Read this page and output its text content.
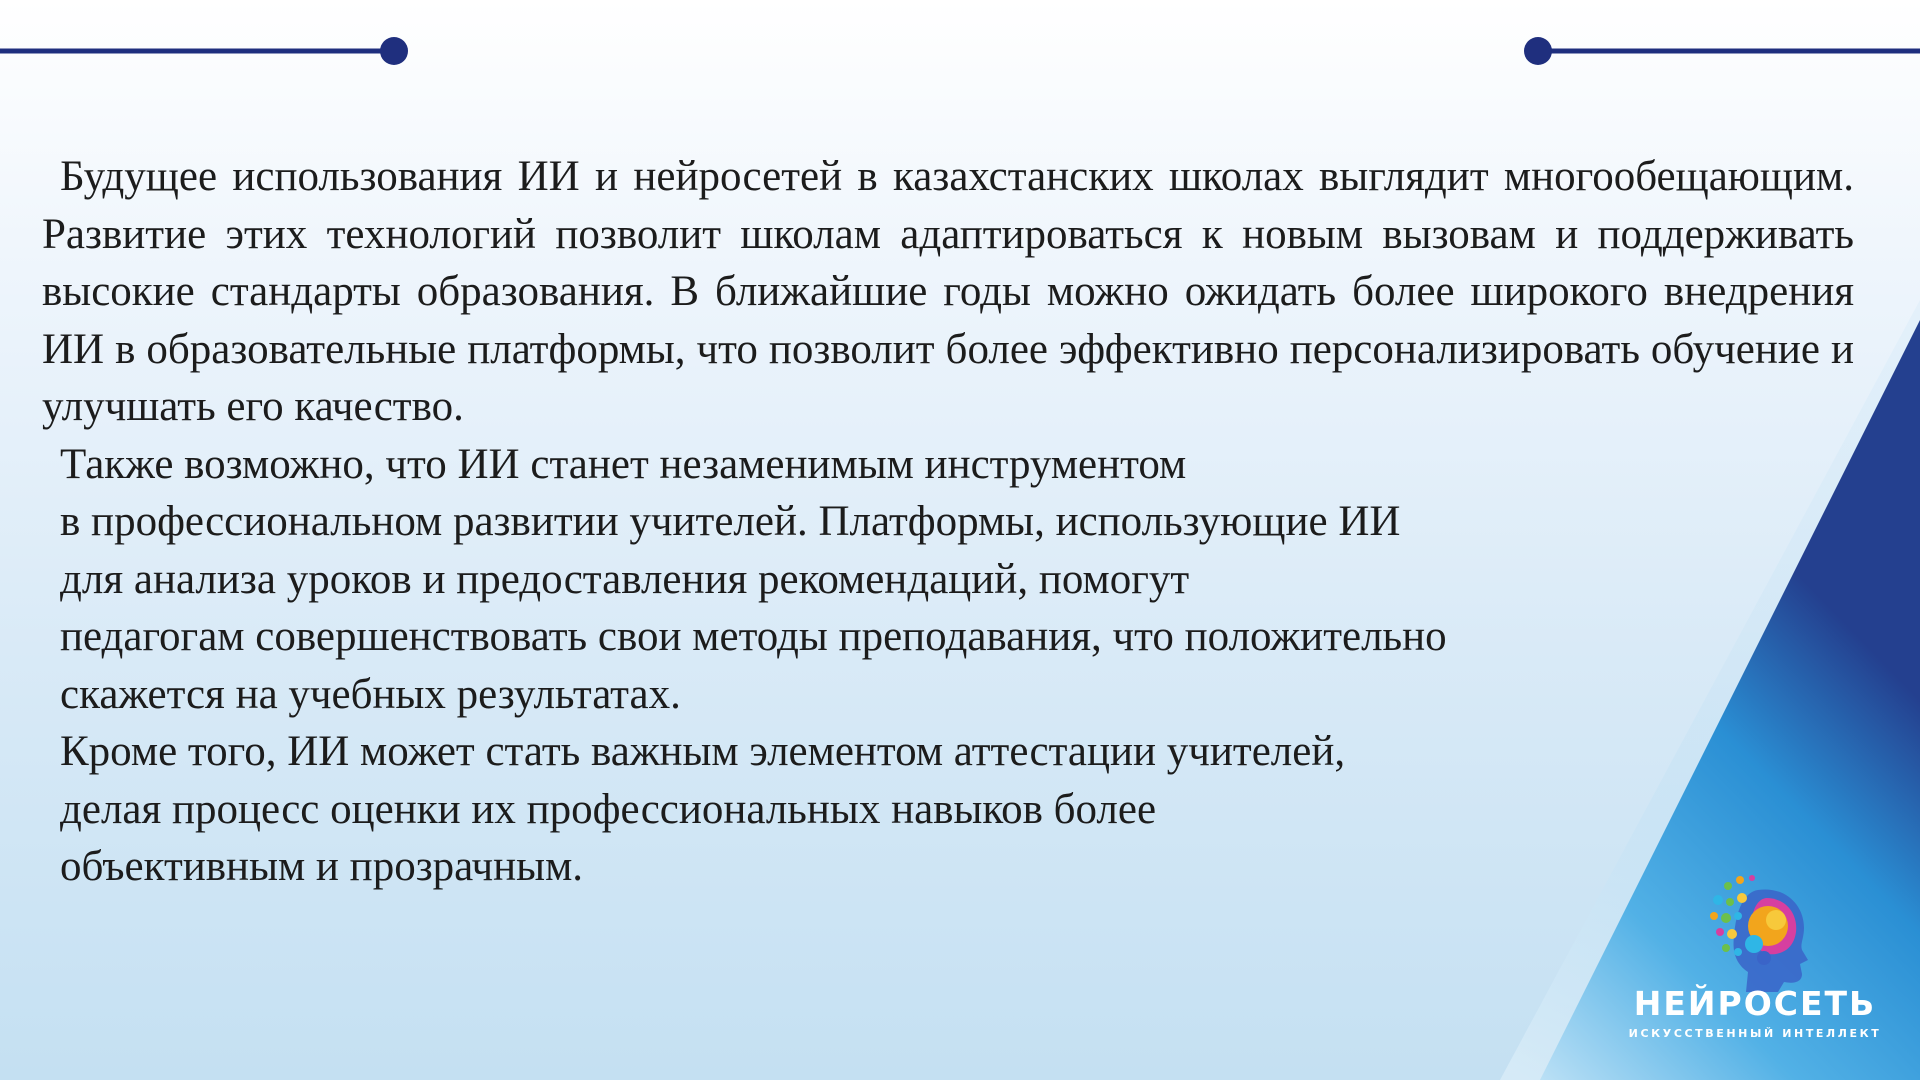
Будущее использования ИИ и нейросетей в казахстанских школах выглядит многообещающим. Развитие этих технологий позволит школам адаптироваться к новым вызовам и поддерживать высокие стандарты образования. В ближайшие годы можно ожидать более широкого внедрения ИИ в образовательные платформы, что позволит более эффективно персонализировать обучение и улучшать его качество.

Также возможно, что ИИ станет незаменимым инструментом

в профессиональном развитии учителей. Платформы, использующие ИИ

для анализа уроков и предоставления рекомендаций, помогут

педагогам совершенствовать свои методы преподавания, что положительно

скажется на учебных результатах.

Кроме того, ИИ может стать важным элементом аттестации учителей,

делая процесс оценки их профессиональных навыков более

объективным и прозрачным.

НЕЙРОСЕТЬ
ИСКУССТВЕННЫЙ ИНТЕЛЛЕКТ
